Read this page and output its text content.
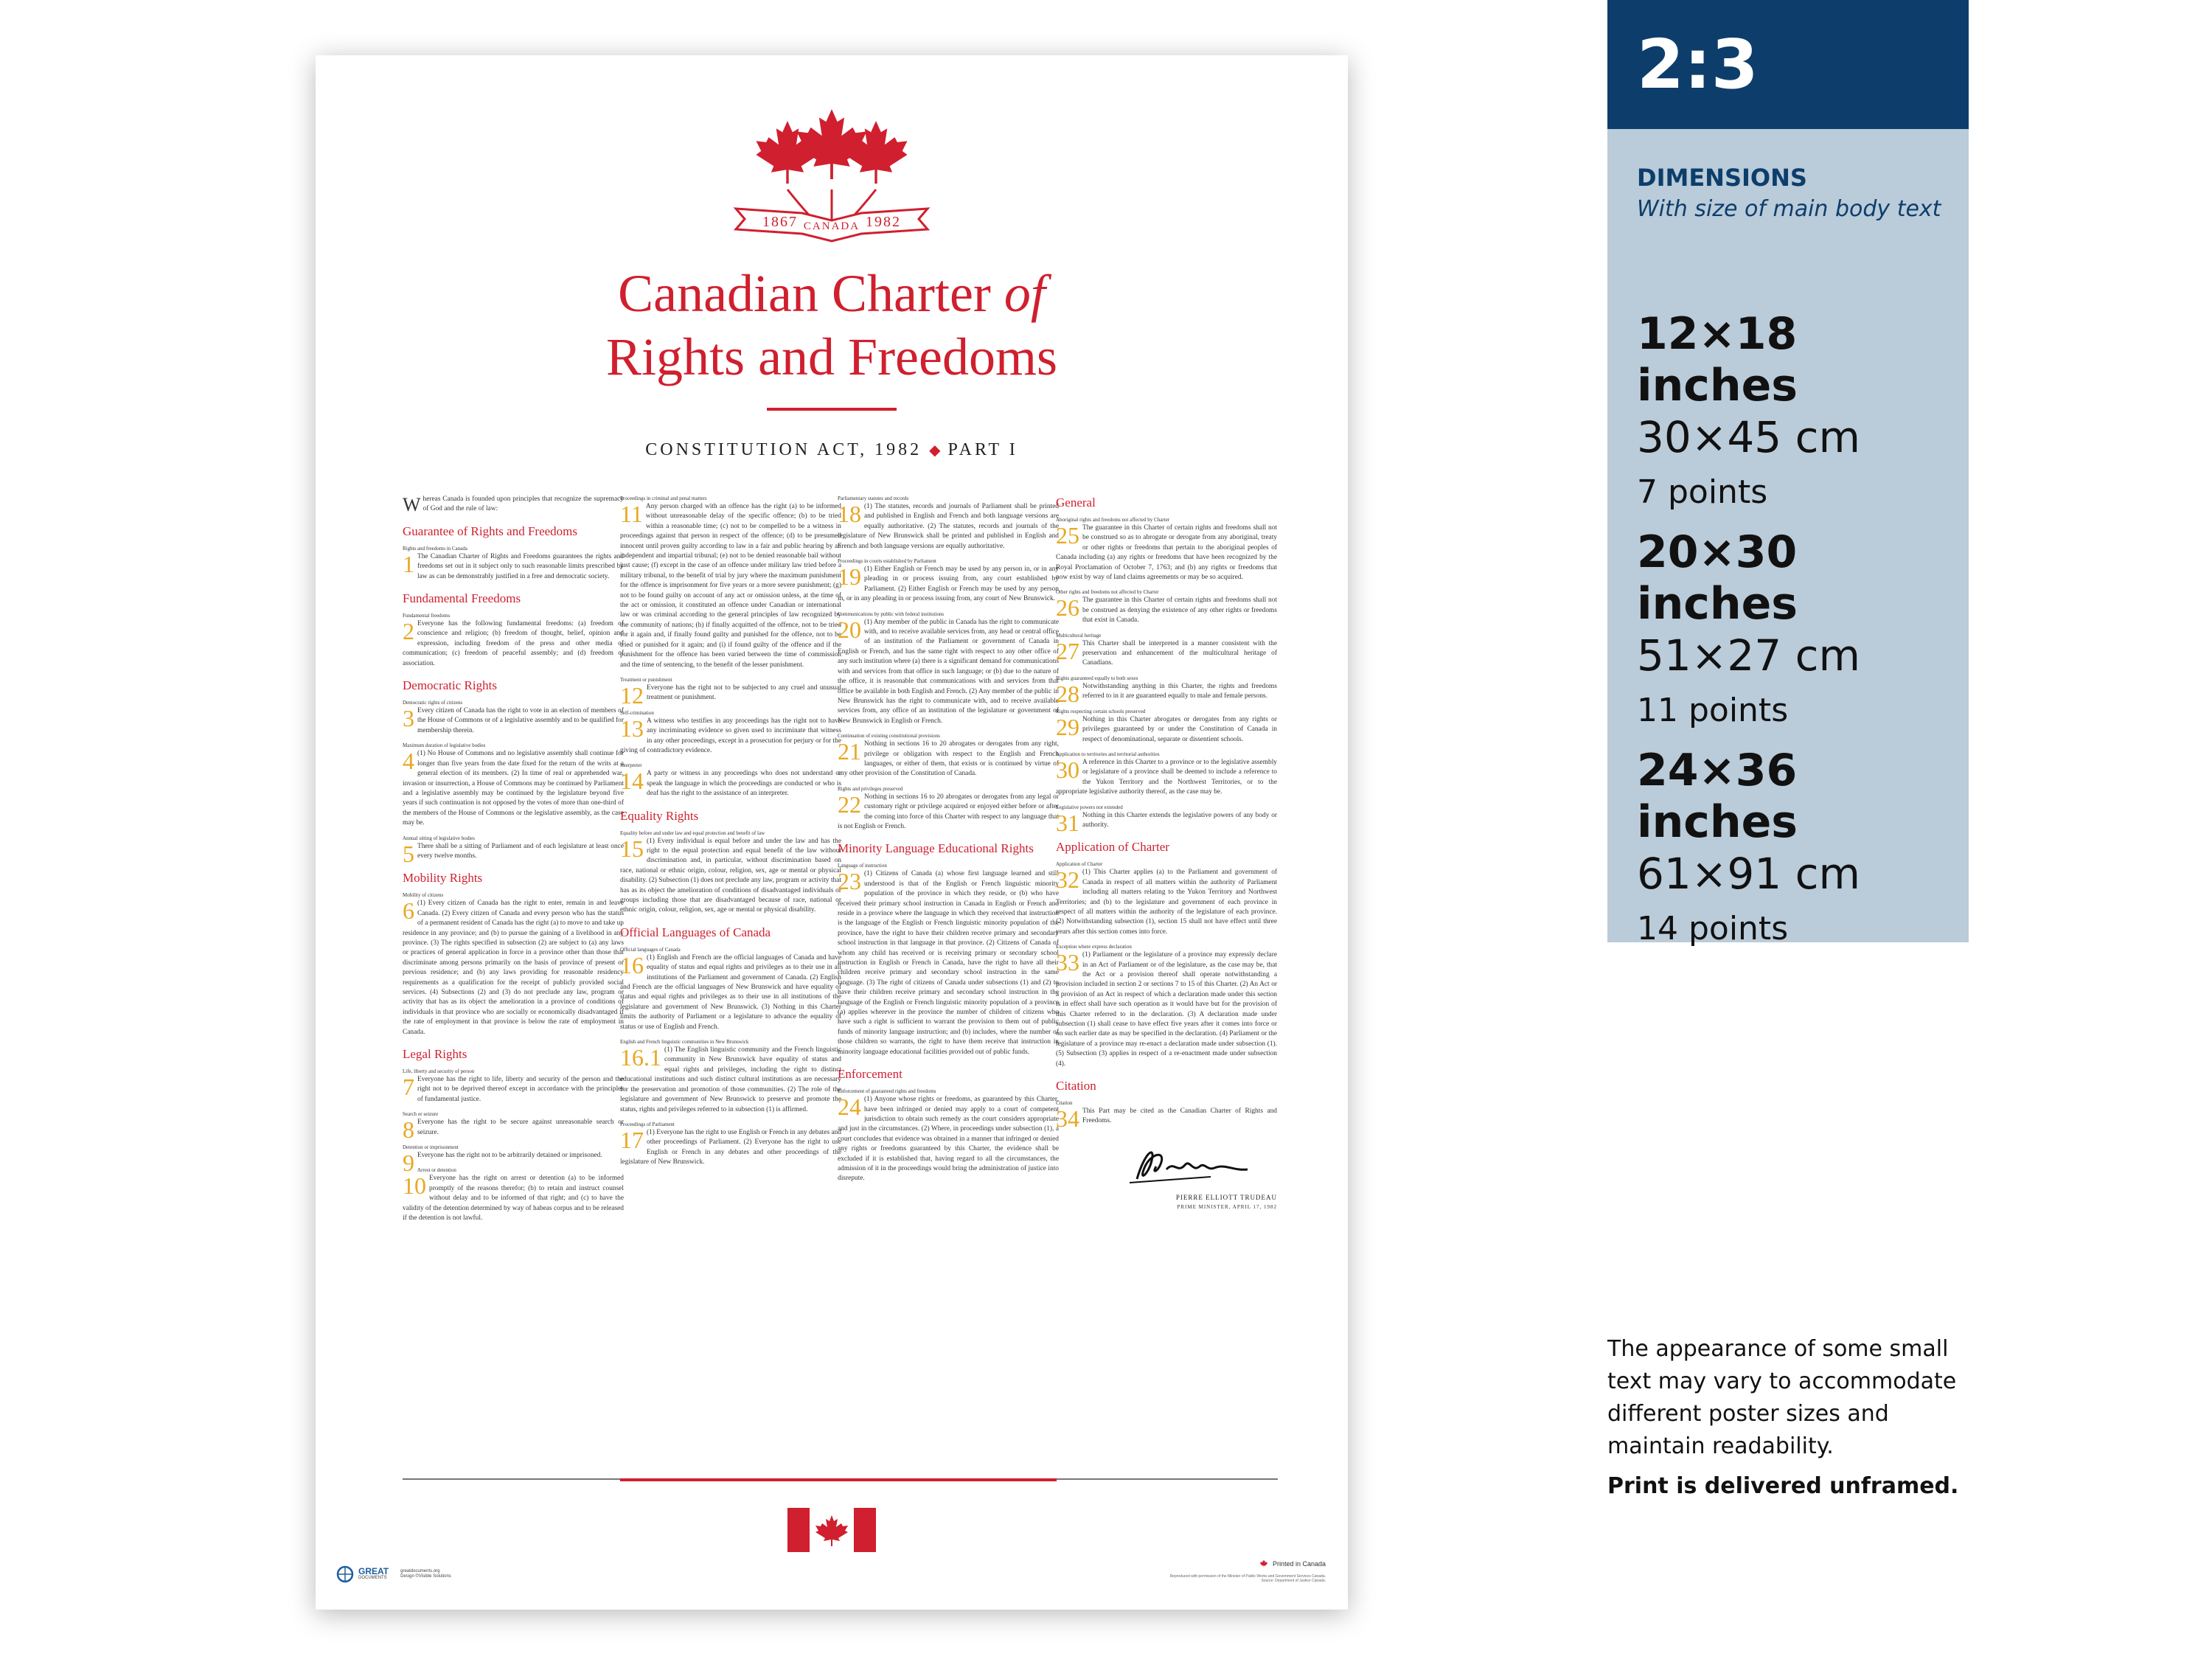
1867 CANADA 1982
Canadian Charter of
Rights and Freedoms
CONSTITUTION ACT, 1982 ◆ PART I

Whereas Canada is founded upon principles that recognize the supremacy of God and the rule of law:

Guarantee of Rights and Freedoms
Rights and freedoms in Canada

1 The Canadian Charter of Rights and Freedoms guarantees the rights and freedoms set out in it subject only to such reasonable limits prescribed by law as can be demonstrably justified in a free and democratic society.

Fundamental Freedoms
Fundamental freedoms

2 Everyone has the following fundamental freedoms: (a) freedom of conscience and religion; (b) freedom of thought, belief, opinion and expression, including freedom of the press and other media of communication; (c) freedom of peaceful assembly; and (d) freedom of association.

Democratic Rights
Democratic rights of citizens

3 Every citizen of Canada has the right to vote in an election of members of the House of Commons or of a legislative assembly and to be qualified for membership therein.

Maximum duration of legislative bodies

4 (1) No House of Commons and no legislative assembly shall continue for longer than five years from the date fixed for the return of the writs at a general election of its members. (2) In time of real or apprehended war, invasion or insurrection, a House of Commons may be continued by Parliament and a legislative assembly may be continued by the legislature beyond five years if such continuation is not opposed by the votes of more than one-third of the members of the House of Commons or the legislative assembly, as the case may be.

Annual sitting of legislative bodies

5 There shall be a sitting of Parliament and of each legislature at least once every twelve months.

Mobility Rights
Mobility of citizens

6 (1) Every citizen of Canada has the right to enter, remain in and leave Canada. (2) Every citizen of Canada and every person who has the status of a permanent resident of Canada has the right (a) to move to and take up residence in any province; and (b) to pursue the gaining of a livelihood in any province. (3) The rights specified in subsection (2) are subject to (a) any laws or practices of general application in force in a province other than those that discriminate among persons primarily on the basis of province of present or previous residence; and (b) any laws providing for reasonable residency requirements as a qualification for the receipt of publicly provided social services. (4) Subsections (2) and (3) do not preclude any law, program or activity that has as its object the amelioration in a province of conditions of individuals in that province who are socially or economically disadvantaged if the rate of employment in that province is below the rate of employment in Canada.

Legal Rights
Life, liberty and security of person

7 Everyone has the right to life, liberty and security of the person and the right not to be deprived thereof except in accordance with the principles of fundamental justice.

Search or seizure

8 Everyone has the right to be secure against unreasonable search or seizure.

Detention or imprisonment

9 Everyone has the right not to be arbitrarily detained or imprisoned.

Arrest or detention

10 Everyone has the right on arrest or detention (a) to be informed promptly of the reasons therefor; (b) to retain and instruct counsel without delay and to be informed of that right; and (c) to have the validity of the detention determined by way of habeas corpus and to be released if the detention is not lawful.

Proceedings in criminal and penal matters

11 Any person charged with an offence has the right (a) to be informed without unreasonable delay of the specific offence; (b) to be tried within a reasonable time; (c) not to be compelled to be a witness in proceedings against that person in respect of the offence; (d) to be presumed innocent until proven guilty according to law in a fair and public hearing by an independent and impartial tribunal; (e) not to be denied reasonable bail without just cause; (f) except in the case of an offence under military law tried before a military tribunal, to the benefit of trial by jury where the maximum punishment for the offence is imprisonment for five years or a more severe punishment; (g) not to be found guilty on account of any act or omission unless, at the time of the act or omission, it constituted an offence under Canadian or international law or was criminal according to the general principles of law recognized by the community of nations; (h) if finally acquitted of the offence, not to be tried for it again and, if finally found guilty and punished for the offence, not to be tried or punished for it again; and (i) if found guilty of the offence and if the punishment for the offence has been varied between the time of commission and the time of sentencing, to the benefit of the lesser punishment.

Treatment or punishment

12 Everyone has the right not to be subjected to any cruel and unusual treatment or punishment.

Self-crimination

13 A witness who testifies in any proceedings has the right not to have any incriminating evidence so given used to incriminate that witness in any other proceedings, except in a prosecution for perjury or for the giving of contradictory evidence.

Interpreter

14 A party or witness in any proceedings who does not understand or speak the language in which the proceedings are conducted or who is deaf has the right to the assistance of an interpreter.

Equality Rights
Equality before and under law and equal protection and benefit of law

15 (1) Every individual is equal before and under the law and has the right to the equal protection and equal benefit of the law without discrimination and, in particular, without discrimination based on race, national or ethnic origin, colour, religion, sex, age or mental or physical disability. (2) Subsection (1) does not preclude any law, program or activity that has as its object the amelioration of conditions of disadvantaged individuals or groups including those that are disadvantaged because of race, national or ethnic origin, colour, religion, sex, age or mental or physical disability.

Official Languages of Canada
Official languages of Canada

16 (1) English and French are the official languages of Canada and have equality of status and equal rights and privileges as to their use in all institutions of the Parliament and government of Canada. (2) English and French are the official languages of New Brunswick and have equality of status and equal rights and privileges as to their use in all institutions of the legislature and government of New Brunswick. (3) Nothing in this Charter limits the authority of Parliament or a legislature to advance the equality of status or use of English and French.

English and French linguistic communities in New Brunswick

16.1 (1) The English linguistic community and the French linguistic community in New Brunswick have equality of status and equal rights and privileges, including the right to distinct educational institutions and such distinct cultural institutions as are necessary for the preservation and promotion of those communities. (2) The role of the legislature and government of New Brunswick to preserve and promote the status, rights and privileges referred to in subsection (1) is affirmed.

Proceedings of Parliament

17 (1) Everyone has the right to use English or French in any debates and other proceedings of Parliament. (2) Everyone has the right to use English or French in any debates and other proceedings of the legislature of New Brunswick.

Parliamentary statutes and records

18 (1) The statutes, records and journals of Parliament shall be printed and published in English and French and both language versions are equally authoritative. (2) The statutes, records and journals of the legislature of New Brunswick shall be printed and published in English and French and both language versions are equally authoritative.

Proceedings in courts established by Parliament

19 (1) Either English or French may be used by any person in, or in any pleading in or process issuing from, any court established by Parliament. (2) Either English or French may be used by any person in, or in any pleading in or process issuing from, any court of New Brunswick.

Communications by public with federal institutions

20 (1) Any member of the public in Canada has the right to communicate with, and to receive available services from, any head or central office of an institution of the Parliament or government of Canada in English or French, and has the same right with respect to any other office of any such institution where (a) there is a significant demand for communications with and services from that office in such language; or (b) due to the nature of the office, it is reasonable that communications with and services from that office be available in both English and French. (2) Any member of the public in New Brunswick has the right to communicate with, and to receive available services from, any office of an institution of the legislature or government of New Brunswick in English or French.

Continuation of existing constitutional provisions

21 Nothing in sections 16 to 20 abrogates or derogates from any right, privilege or obligation with respect to the English and French languages, or either of them, that exists or is continued by virtue of any other provision of the Constitution of Canada.

Rights and privileges preserved

22 Nothing in sections 16 to 20 abrogates or derogates from any legal or customary right or privilege acquired or enjoyed either before or after the coming into force of this Charter with respect to any language that is not English or French.

Minority Language Educational Rights
Language of instruction

23 (1) Citizens of Canada (a) whose first language learned and still understood is that of the English or French linguistic minority population of the province in which they reside, or (b) who have received their primary school instruction in Canada in English or French and reside in a province where the language in which they received that instruction is the language of the English or French linguistic minority population of the province, have the right to have their children receive primary and secondary school instruction in that language in that province. (2) Citizens of Canada of whom any child has received or is receiving primary or secondary school instruction in English or French in Canada, have the right to have all their children receive primary and secondary school instruction in the same language. (3) The right of citizens of Canada under subsections (1) and (2) to have their children receive primary and secondary school instruction in the language of the English or French linguistic minority population of a province (a) applies wherever in the province the number of children of citizens who have such a right is sufficient to warrant the provision to them out of public funds of minority language instruction; and (b) includes, where the number of those children so warrants, the right to have them receive that instruction in minority language educational facilities provided out of public funds.

Enforcement
Enforcement of guaranteed rights and freedoms

24 (1) Anyone whose rights or freedoms, as guaranteed by this Charter, have been infringed or denied may apply to a court of competent jurisdiction to obtain such remedy as the court considers appropriate and just in the circumstances. (2) Where, in proceedings under subsection (1), a court concludes that evidence was obtained in a manner that infringed or denied any rights or freedoms guaranteed by this Charter, the evidence shall be excluded if it is established that, having regard to all the circumstances, the admission of it in the proceedings would bring the administration of justice into disrepute.

General
Aboriginal rights and freedoms not affected by Charter

25 The guarantee in this Charter of certain rights and freedoms shall not be construed so as to abrogate or derogate from any aboriginal, treaty or other rights or freedoms that pertain to the aboriginal peoples of Canada including (a) any rights or freedoms that have been recognized by the Royal Proclamation of October 7, 1763; and (b) any rights or freedoms that now exist by way of land claims agreements or may be so acquired.

Other rights and freedoms not affected by Charter

26 The guarantee in this Charter of certain rights and freedoms shall not be construed as denying the existence of any other rights or freedoms that exist in Canada.

Multicultural heritage

27 This Charter shall be interpreted in a manner consistent with the preservation and enhancement of the multicultural heritage of Canadians.

Rights guaranteed equally to both sexes

28 Notwithstanding anything in this Charter, the rights and freedoms referred to in it are guaranteed equally to male and female persons.

Rights respecting certain schools preserved

29 Nothing in this Charter abrogates or derogates from any rights or privileges guaranteed by or under the Constitution of Canada in respect of denominational, separate or dissentient schools.

Application to territories and territorial authorities

30 A reference in this Charter to a province or to the legislative assembly or legislature of a province shall be deemed to include a reference to the Yukon Territory and the Northwest Territories, or to the appropriate legislative authority thereof, as the case may be.

Legislative powers not extended

31 Nothing in this Charter extends the legislative powers of any body or authority.

Application of Charter
Application of Charter

32 (1) This Charter applies (a) to the Parliament and government of Canada in respect of all matters within the authority of Parliament including all matters relating to the Yukon Territory and Northwest Territories; and (b) to the legislature and government of each province in respect of all matters within the authority of the legislature of each province. (2) Notwithstanding subsection (1), section 15 shall not have effect until three years after this section comes into force.

Exception where express declaration

33 (1) Parliament or the legislature of a province may expressly declare in an Act of Parliament or of the legislature, as the case may be, that the Act or a provision thereof shall operate notwithstanding a provision included in section 2 or sections 7 to 15 of this Charter. (2) An Act or a provision of an Act in respect of which a declaration made under this section is in effect shall have such operation as it would have but for the provision of this Charter referred to in the declaration. (3) A declaration made under subsection (1) shall cease to have effect five years after it comes into force or on such earlier date as may be specified in the declaration. (4) Parliament or the legislature of a province may re-enact a declaration made under subsection (1). (5) Subsection (3) applies in respect of a re-enactment made under subsection (4).

Citation
Citation

34 This Part may be cited as the Canadian Charter of Rights and Freedoms.

PIERRE ELLIOTT TRUDEAU
PRIME MINISTER, APRIL 17, 1982
GREAT
DOCUMENTS
greatdocuments.org
Design ©Visible Solutions
Printed in Canada
Reproduced with permission of the Minister of Public Works and Government Services Canada. Source: Department of Justice Canada.
2:3
DIMENSIONS
With size of main body text
12×18 inches
30×45 cm
7 points
20×30 inches
51×27 cm
11 points
24×36 inches
61×91 cm
14 points
The appearance of some small text may vary to accommodate different poster sizes and maintain readability.
Print is delivered unframed.
